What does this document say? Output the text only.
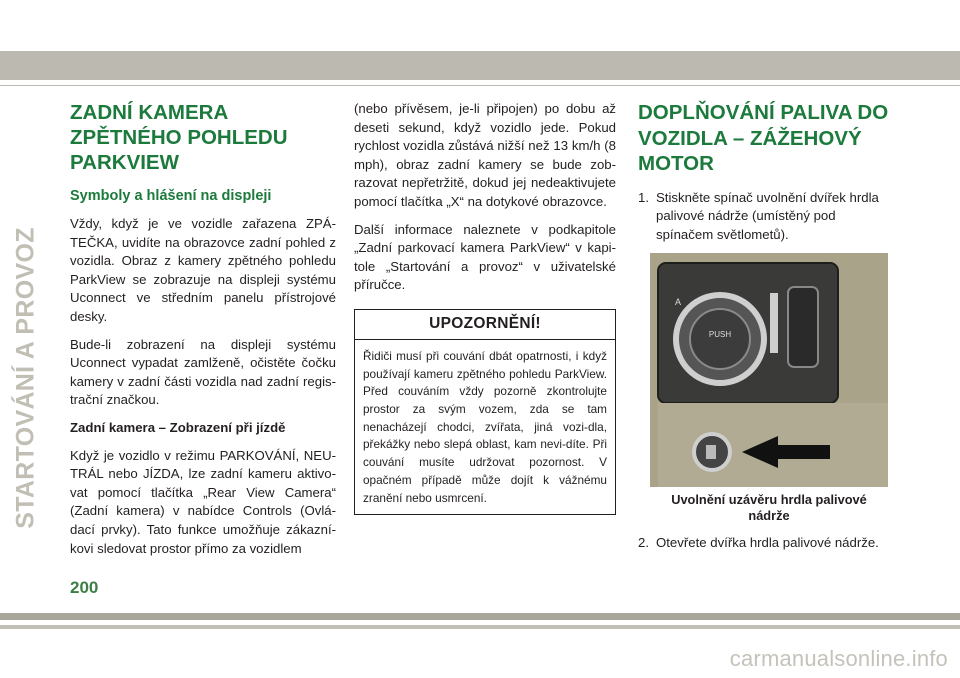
STARTOVÁNÍ A PROVOZ
ZADNÍ KAMERA ZPĚTNÉHO POHLEDU PARKVIEW
Symboly a hlášení na displeji

Vždy, když je ve vozidle zařazena ZPÁ-TEČKA, uvidíte na obrazovce zadní pohled z vozidla. Obraz z kamery zpětného pohledu ParkView se zobrazuje na displeji systému Uconnect ve středním panelu přístrojové desky.

Bude-li zobrazení na displeji systému Uconnect vypadat zamlženě, očistěte čočku kamery v zadní části vozidla nad zadní regis-trační značkou.

Zadní kamera – Zobrazení při jízdě

Když je vozidlo v režimu PARKOVÁNÍ, NEU-TRÁL nebo JÍZDA, lze zadní kameru aktivo-vat pomocí tlačítka „Rear View Camera“ (Zadní kamera) v nabídce Controls (Ovlá-dací prvky). Tato funkce umožňuje zákazní-kovi sledovat prostor přímo za vozidlem

(nebo přívěsem, je-li připojen) po dobu až deseti sekund, když vozidlo jede. Pokud rychlost vozidla zůstává nižší než 13 km/h (8 mph), obraz zadní kamery se bude zob-razovat nepřetržitě, dokud jej nedeaktivujete pomocí tlačítka „X“ na dotykové obrazovce.

Další informace naleznete v podkapitole „Zadní parkovací kamera ParkView“ v kapi-tole „Startování a provoz“ v uživatelské příručce.

UPOZORNĚNÍ!
Řidiči musí při couvání dbát opatrnosti, i když používají kameru zpětného pohledu ParkView. Před couváním vždy pozorně zkontrolujte prostor za svým vozem, zda se tam nenacházejí chodci, zvířata, jiná vozi-dla, překážky nebo slepá oblast, kam nevi-díte. Při couvání musíte udržovat pozornost. V opačném případě může dojít k vážnému zranění nebo usmrcení.
DOPLŇOVÁNÍ PALIVA DO VOZIDLA – ZÁŽEHOVÝ MOTOR
1. Stiskněte spínač uvolnění dvířek hrdla palivové nádrže (umístěný pod spínačem světlometů).
PUSH
A
Uvolnění uzávěru hrdla palivové nádrže
2. Otevřete dvířka hrdla palivové nádrže.
200
carmanualsonline.info
